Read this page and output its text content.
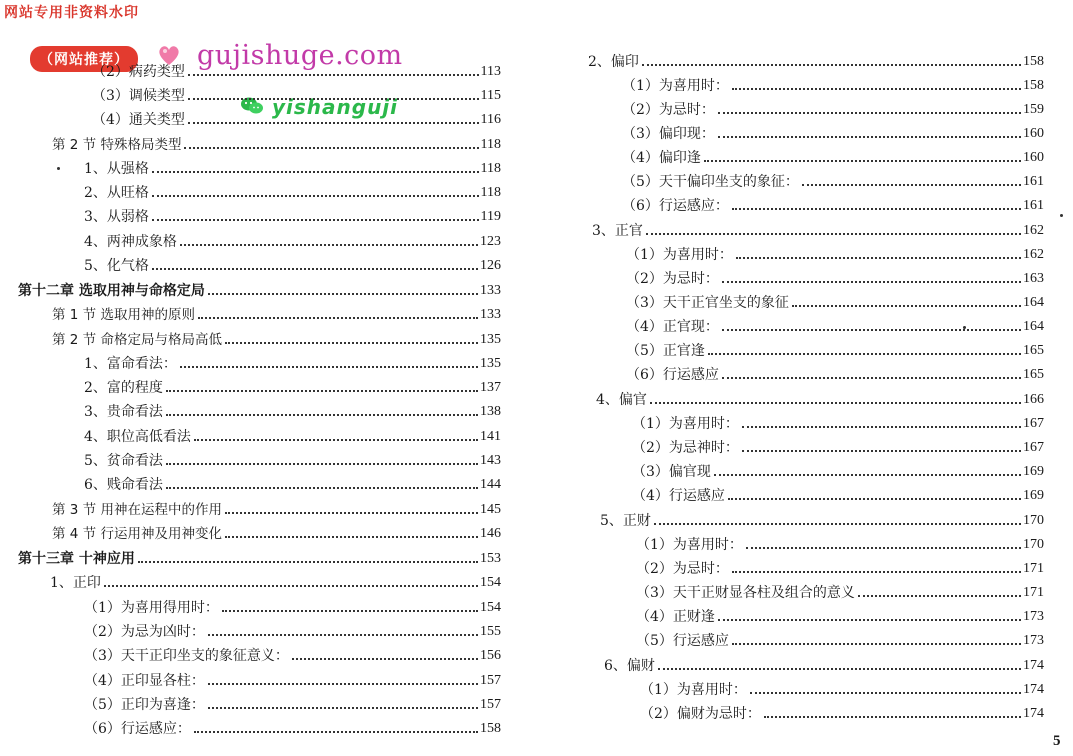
网站专用非资料水印
（网站推荐）	gujishuge.com
yishanguji
（2）病药类型	113
（3）调候类型	115
（4）通关类型	116
第 2 节 特殊格局类型	118
1、从强格	118
2、从旺格	118
3、从弱格	119
4、两神成象格	123
5、化气格	126
第十二章 选取用神与命格定局	133
第 1 节 选取用神的原则	133
第 2 节 命格定局与格局高低	135
1、富命看法：	135
2、富的程度	137
3、贵命看法	138
4、职位高低看法	141
5、贫命看法	143
6、贱命看法	144
第 3 节 用神在运程中的作用	145
第 4 节 行运用神及用神变化	146
第十三章 十神应用	153
1、正印	154
（1）为喜用得用时：	154
（2）为忌为凶时：	155
（3）天干正印坐支的象征意义：	156
（4）正印显各柱：	157
（5）正印为喜逢：	157
（6）行运感应：	158
2、偏印	158
（1）为喜用时：	158
（2）为忌时：	159
（3）偏印现：	160
（4）偏印逢	160
（5）天干偏印坐支的象征：	161
（6）行运感应：	161
3、正官	162
（1）为喜用时：	162
（2）为忌时：	163
（3）天干正官坐支的象征	164
（4）正官现：	164
（5）正官逢	165
（6）行运感应	165
4、偏官	166
（1）为喜用时：	167
（2）为忌神时：	167
（3）偏官现	169
（4）行运感应	169
5、正财	170
（1）为喜用时：	170
（2）为忌时：	171
（3）天干正财显各柱及组合的意义	171
（4）正财逢	173
（5）行运感应	173
6、偏财	174
（1）为喜用时：	174
（2）偏财为忌时：	174
5
